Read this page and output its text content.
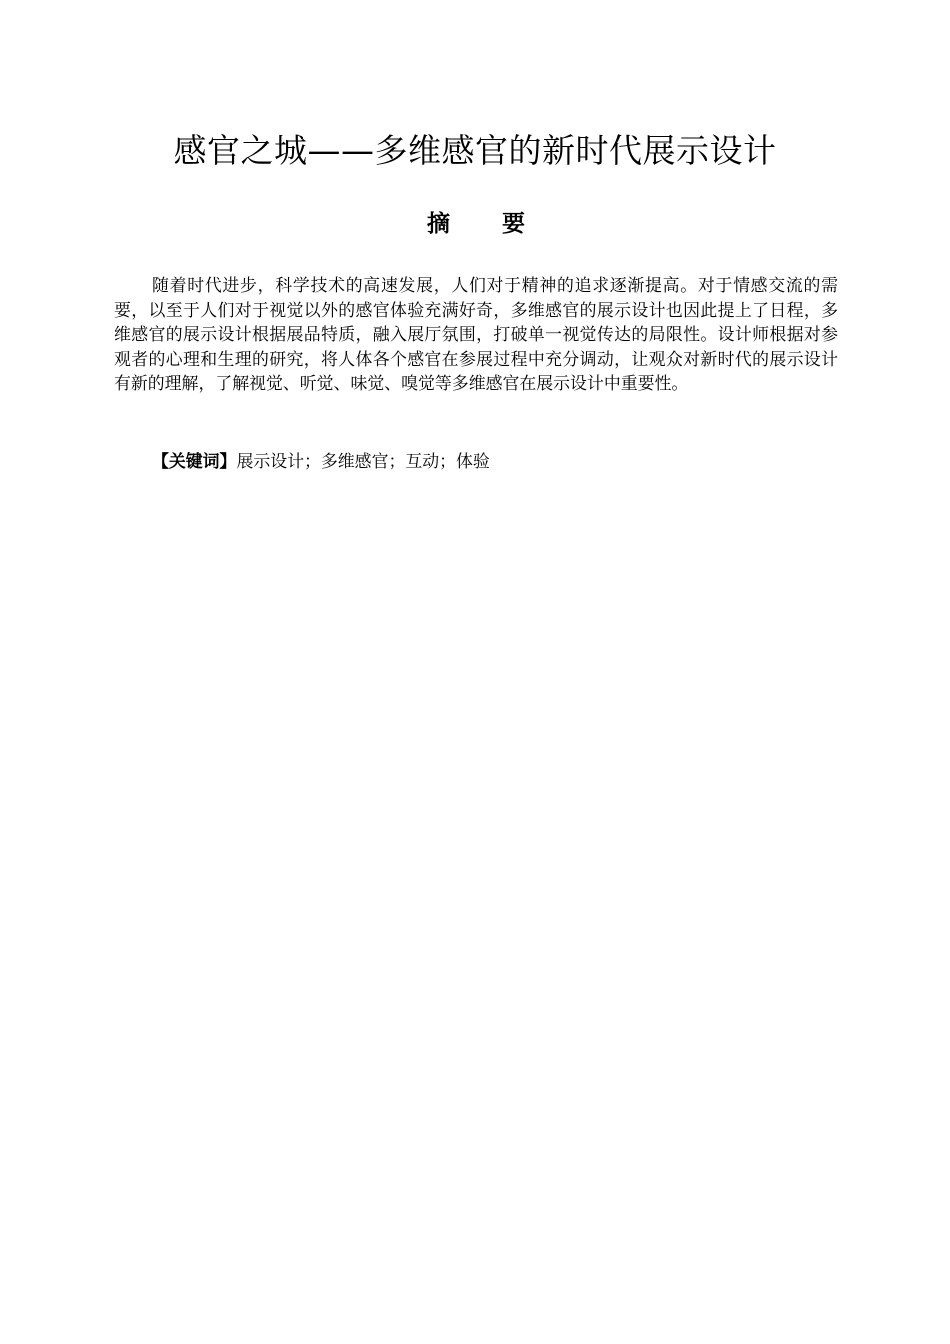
感官之城——多维感官的新时代展示设计
摘要

随着时代进步，科学技术的高速发展，人们对于精神的追求逐渐提高。对于情感交流的需要，以至于人们对于视觉以外的感官体验充满好奇，多维感官的展示设计也因此提上了日程，多维感官的展示设计根据展品特质，融入展厅氛围，打破单一视觉传达的局限性。设计师根据对参观者的心理和生理的研究，将人体各个感官在参展过程中充分调动，让观众对新时代的展示设计有新的理解，了解视觉、听觉、味觉、嗅觉等多维感官在展示设计中重要性。

【关键词】展示设计；多维感官；互动；体验
